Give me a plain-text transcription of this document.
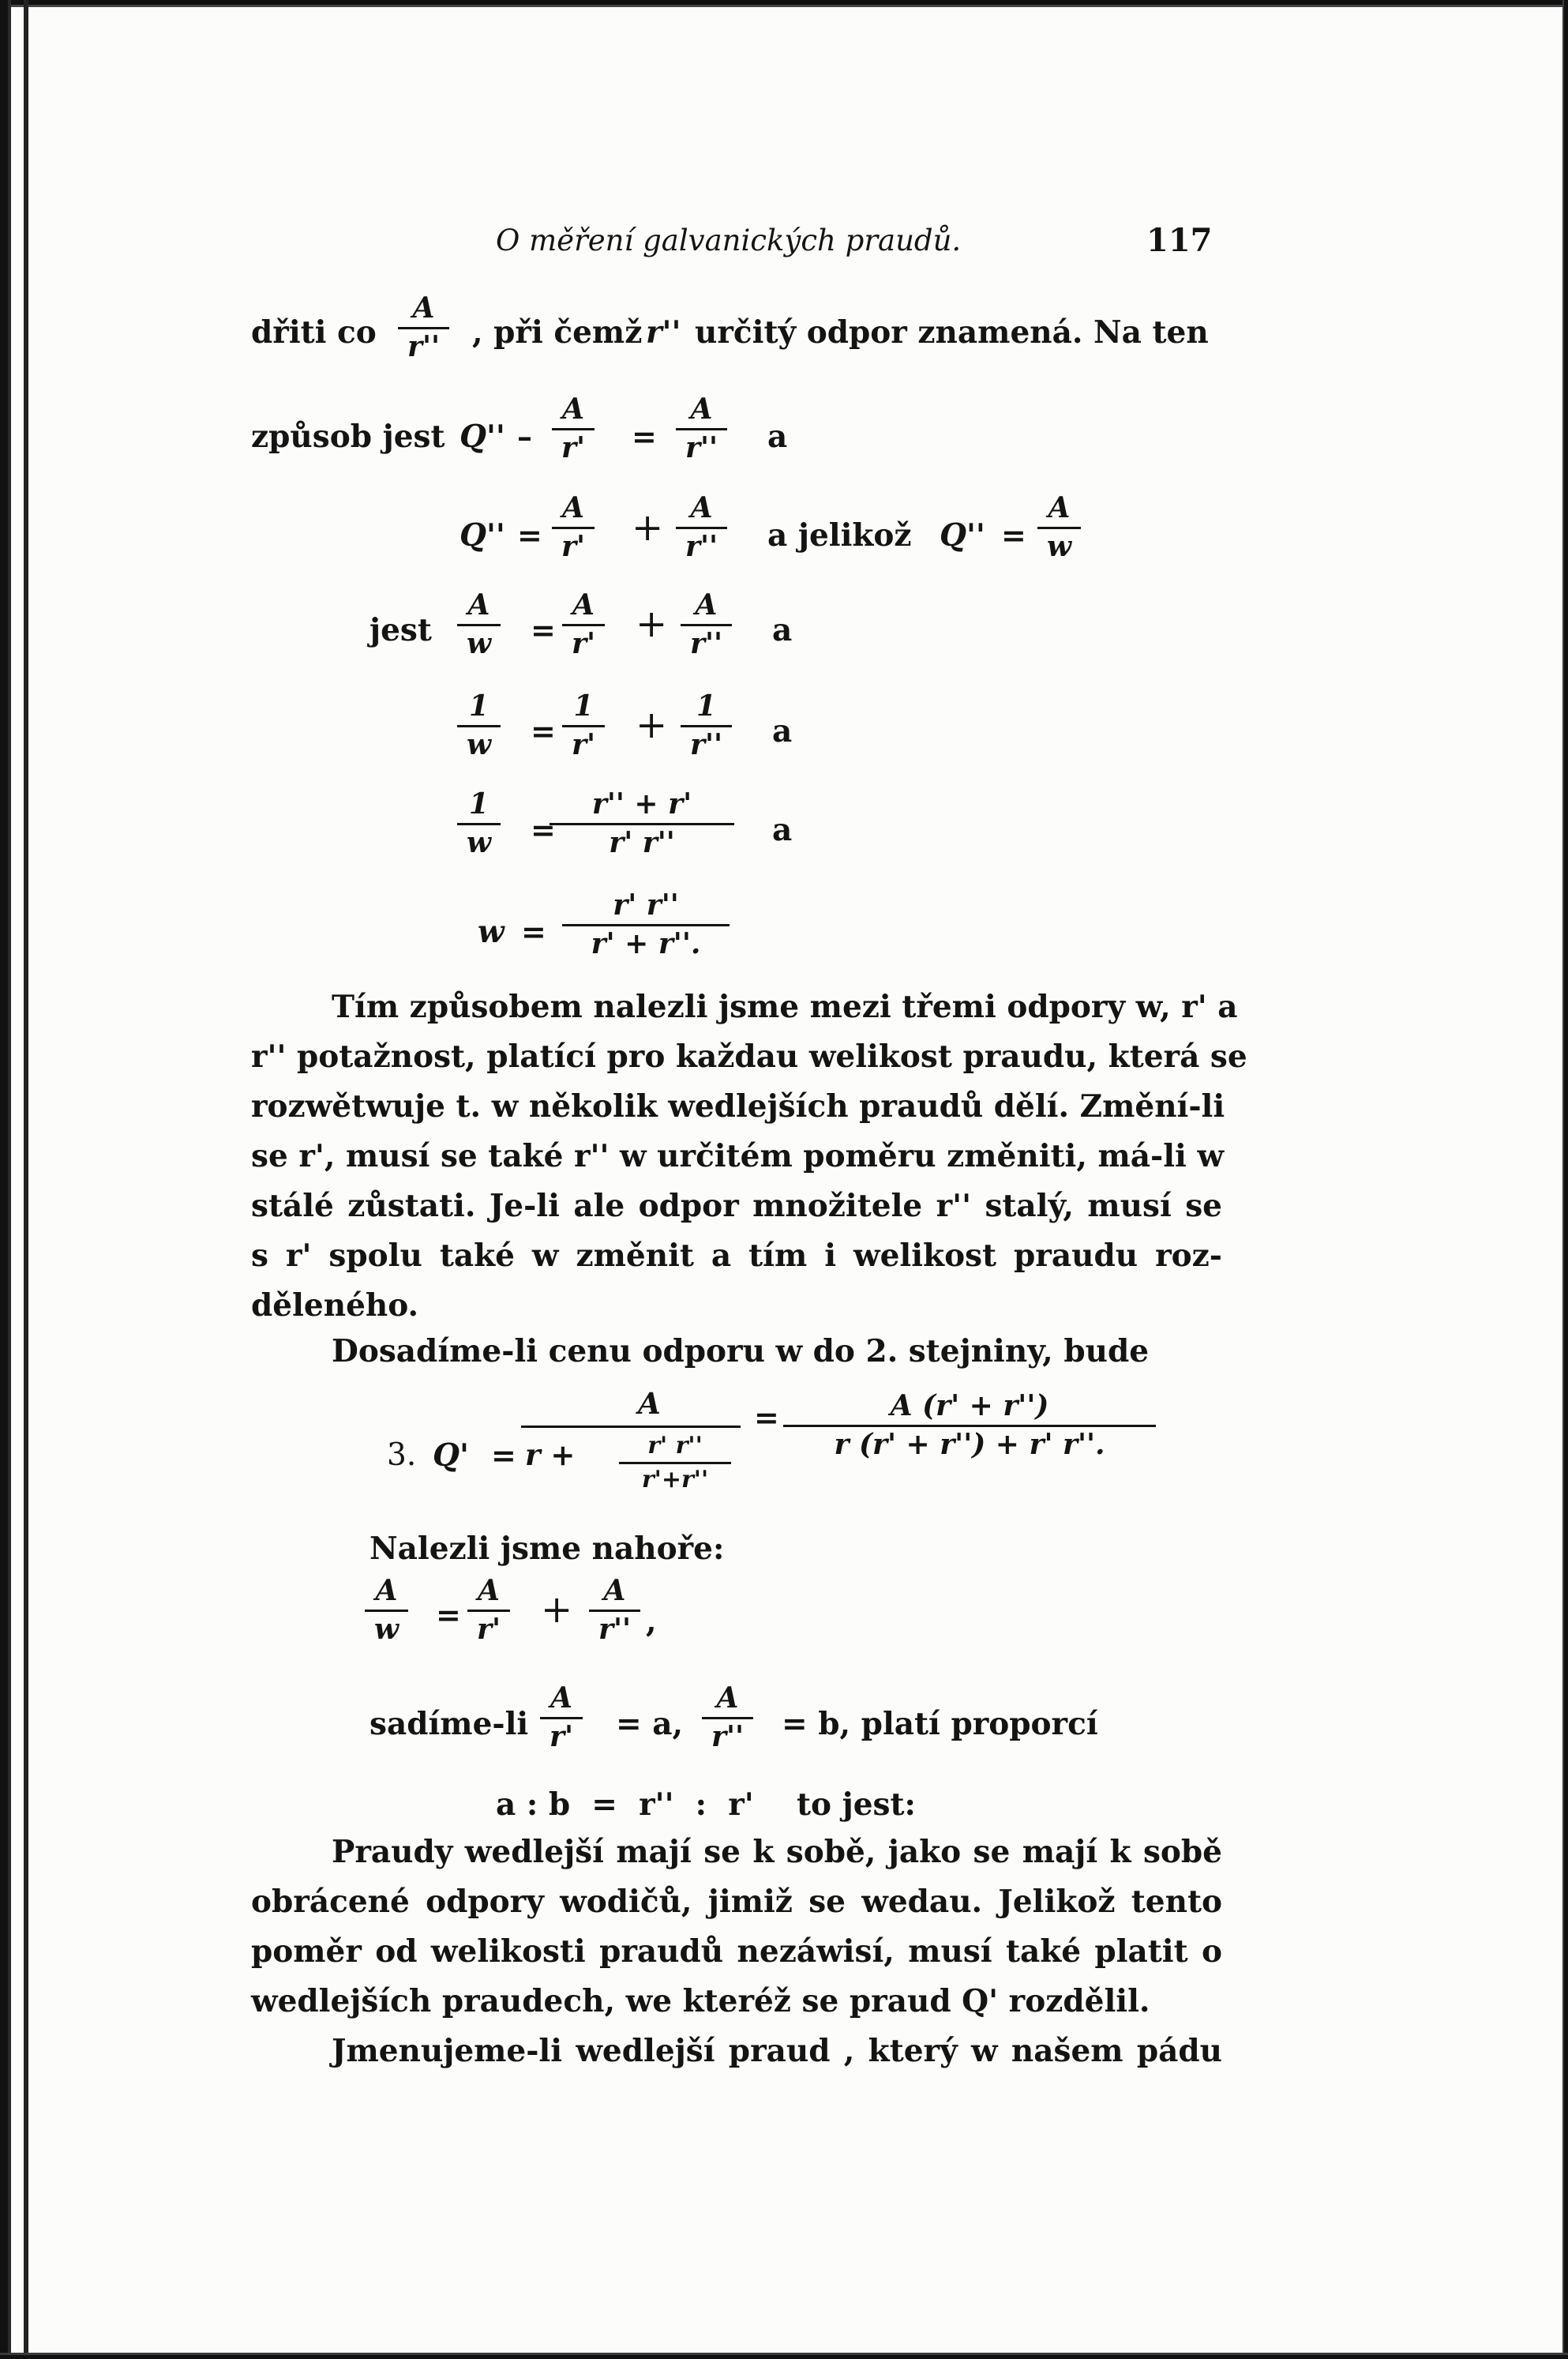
O měření galvanických praudů.	117
dřiti co $\frac{A}{r''}$ , při čemž r'' určitý odpor znamená. Na ten
způsob jest $Q'' - \frac{A}{r'} = \frac{A}{r''}$ a
$Q'' = \frac{A}{r'} + \frac{A}{r''}$ a jelikož $Q'' = \frac{A}{w}$
jest $\frac{A}{w} = \frac{A}{r'} + \frac{A}{r''}$ a
$\frac{1}{w} = \frac{1}{r'} + \frac{1}{r''}$ a
$\frac{1}{w}$ =
$\frac{r'' + r'}{r' r''}$ a
$w = \frac{r' r''}{r' + r''.}$
Tím způsobem nalezli jsme mezi třemi odpory w, r' a
r'' potažnost, platící pro každau welikost praudu, která se
rozwětwuje t. w několik wedlejších praudů dělí. Změní-li
se r', musí se také r'' w určitém poměru změniti, má-li w
stálé zůstati. Je-li ale odpor množitele r'' stalý, musí se
s r' spolu také w změnit a tím i welikost praudu roz-
děleného.
Dosadíme-li cenu odporu w do 2. stejniny, bude
3. Q' =
A
$r + \frac{r' r''}{r'+r''}$
= $\frac{A (r' + r'')}{r (r' + r'') + r' r''.}$
Nalezli jsme nahoře:
$\frac{A}{w} = \frac{A}{r'} + \frac{A}{r''}$ ,
sadíme-li $\frac{A}{r'} = a$, $\frac{A}{r''} = b$, platí proporcí
a : b  =  r''  :  r'    to jest:
Praudy wedlejší mají se k sobě, jako se mají k sobě
obrácené odpory wodičů, jimiž se wedau. Jelikož tento
poměr od welikosti praudů nezáwisí, musí také platit o
wedlejších praudech, we kteréž se praud Q' rozdělil.
Jmenujeme-li wedlejší praud , který w našem pádu
